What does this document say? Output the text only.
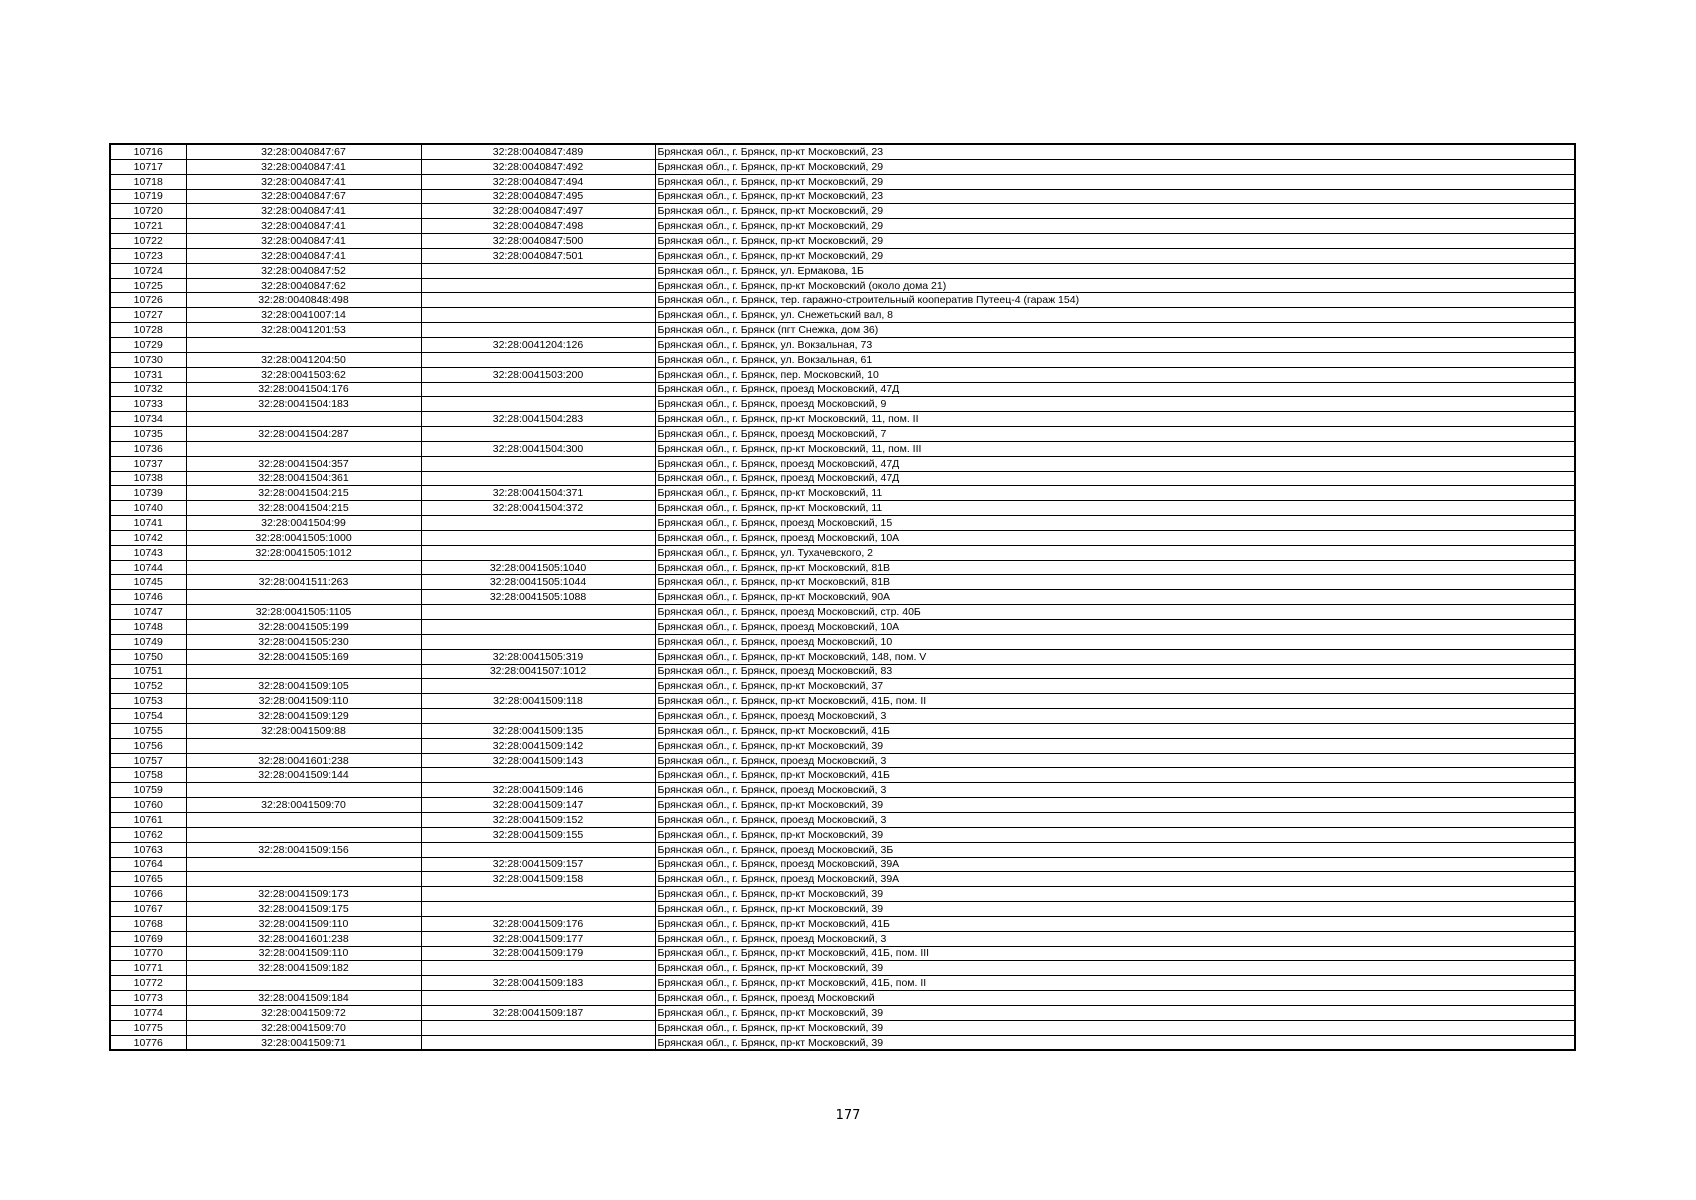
10716	32:28:0040847:67	32:28:0040847:489	Брянская обл., г. Брянск, пр-кт Московский, 23
10717	32:28:0040847:41	32:28:0040847:492	Брянская обл., г. Брянск, пр-кт Московский, 29
10718	32:28:0040847:41	32:28:0040847:494	Брянская обл., г. Брянск, пр-кт Московский, 29
10719	32:28:0040847:67	32:28:0040847:495	Брянская обл., г. Брянск, пр-кт Московский, 23
10720	32:28:0040847:41	32:28:0040847:497	Брянская обл., г. Брянск, пр-кт Московский, 29
10721	32:28:0040847:41	32:28:0040847:498	Брянская обл., г. Брянск, пр-кт Московский, 29
10722	32:28:0040847:41	32:28:0040847:500	Брянская обл., г. Брянск, пр-кт Московский, 29
10723	32:28:0040847:41	32:28:0040847:501	Брянская обл., г. Брянск, пр-кт Московский, 29
10724	32:28:0040847:52		Брянская обл., г. Брянск, ул. Ермакова, 1Б
10725	32:28:0040847:62		Брянская обл., г. Брянск, пр-кт Московский (около дома 21)
10726	32:28:0040848:498		Брянская обл., г. Брянск, тер. гаражно-строительный кооператив Путеец-4 (гараж 154)
10727	32:28:0041007:14		Брянская обл., г. Брянск, ул. Снежетьский вал, 8
10728	32:28:0041201:53		Брянская обл., г. Брянск (пгт Снежка, дом 36)
10729		32:28:0041204:126	Брянская обл., г. Брянск, ул. Вокзальная, 73
10730	32:28:0041204:50		Брянская обл., г. Брянск, ул. Вокзальная, 61
10731	32:28:0041503:62	32:28:0041503:200	Брянская обл., г. Брянск, пер. Московский, 10
10732	32:28:0041504:176		Брянская обл., г. Брянск, проезд Московский, 47Д
10733	32:28:0041504:183		Брянская обл., г. Брянск, проезд Московский, 9
10734		32:28:0041504:283	Брянская обл., г. Брянск, пр-кт Московский, 11, пом. II
10735	32:28:0041504:287		Брянская обл., г. Брянск, проезд Московский, 7
10736		32:28:0041504:300	Брянская обл., г. Брянск, пр-кт Московский, 11, пом. III
10737	32:28:0041504:357		Брянская обл., г. Брянск, проезд Московский, 47Д
10738	32:28:0041504:361		Брянская обл., г. Брянск, проезд Московский, 47Д
10739	32:28:0041504:215	32:28:0041504:371	Брянская обл., г. Брянск, пр-кт Московский, 11
10740	32:28:0041504:215	32:28:0041504:372	Брянская обл., г. Брянск, пр-кт Московский, 11
10741	32:28:0041504:99		Брянская обл., г. Брянск, проезд Московский, 15
10742	32:28:0041505:1000		Брянская обл., г. Брянск, проезд Московский, 10А
10743	32:28:0041505:1012		Брянская обл., г. Брянск, ул. Тухачевского, 2
10744		32:28:0041505:1040	Брянская обл., г. Брянск, пр-кт Московский, 81В
10745	32:28:0041511:263	32:28:0041505:1044	Брянская обл., г. Брянск, пр-кт Московский, 81В
10746		32:28:0041505:1088	Брянская обл., г. Брянск, пр-кт Московский, 90А
10747	32:28:0041505:1105		Брянская обл., г. Брянск, проезд Московский, стр. 40Б
10748	32:28:0041505:199		Брянская обл., г. Брянск, проезд Московский, 10А
10749	32:28:0041505:230		Брянская обл., г. Брянск, проезд Московский, 10
10750	32:28:0041505:169	32:28:0041505:319	Брянская обл., г. Брянск, пр-кт Московский, 148, пом. V
10751		32:28:0041507:1012	Брянская обл., г. Брянск, проезд Московский, 83
10752	32:28:0041509:105		Брянская обл., г. Брянск, пр-кт Московский, 37
10753	32:28:0041509:110	32:28:0041509:118	Брянская обл., г. Брянск, пр-кт Московский, 41Б, пом. II
10754	32:28:0041509:129		Брянская обл., г. Брянск, проезд Московский, 3
10755	32:28:0041509:88	32:28:0041509:135	Брянская обл., г. Брянск, пр-кт Московский, 41Б
10756		32:28:0041509:142	Брянская обл., г. Брянск, пр-кт Московский, 39
10757	32:28:0041601:238	32:28:0041509:143	Брянская обл., г. Брянск, проезд Московский, 3
10758	32:28:0041509:144		Брянская обл., г. Брянск, пр-кт Московский, 41Б
10759		32:28:0041509:146	Брянская обл., г. Брянск, проезд Московский, 3
10760	32:28:0041509:70	32:28:0041509:147	Брянская обл., г. Брянск, пр-кт Московский, 39
10761		32:28:0041509:152	Брянская обл., г. Брянск, проезд Московский, 3
10762		32:28:0041509:155	Брянская обл., г. Брянск, пр-кт Московский, 39
10763	32:28:0041509:156		Брянская обл., г. Брянск, проезд Московский, 3Б
10764		32:28:0041509:157	Брянская обл., г. Брянск, проезд Московский, 39А
10765		32:28:0041509:158	Брянская обл., г. Брянск, проезд Московский, 39А
10766	32:28:0041509:173		Брянская обл., г. Брянск, пр-кт Московский, 39
10767	32:28:0041509:175		Брянская обл., г. Брянск, пр-кт Московский, 39
10768	32:28:0041509:110	32:28:0041509:176	Брянская обл., г. Брянск, пр-кт Московский, 41Б
10769	32:28:0041601:238	32:28:0041509:177	Брянская обл., г. Брянск, проезд Московский, 3
10770	32:28:0041509:110	32:28:0041509:179	Брянская обл., г. Брянск, пр-кт Московский, 41Б, пом. III
10771	32:28:0041509:182		Брянская обл., г. Брянск, пр-кт Московский, 39
10772		32:28:0041509:183	Брянская обл., г. Брянск, пр-кт Московский, 41Б, пом. II
10773	32:28:0041509:184		Брянская обл., г. Брянск, проезд Московский
10774	32:28:0041509:72	32:28:0041509:187	Брянская обл., г. Брянск, пр-кт Московский, 39
10775	32:28:0041509:70		Брянская обл., г. Брянск, пр-кт Московский, 39
10776	32:28:0041509:71		Брянская обл., г. Брянск, пр-кт Московский, 39
177
